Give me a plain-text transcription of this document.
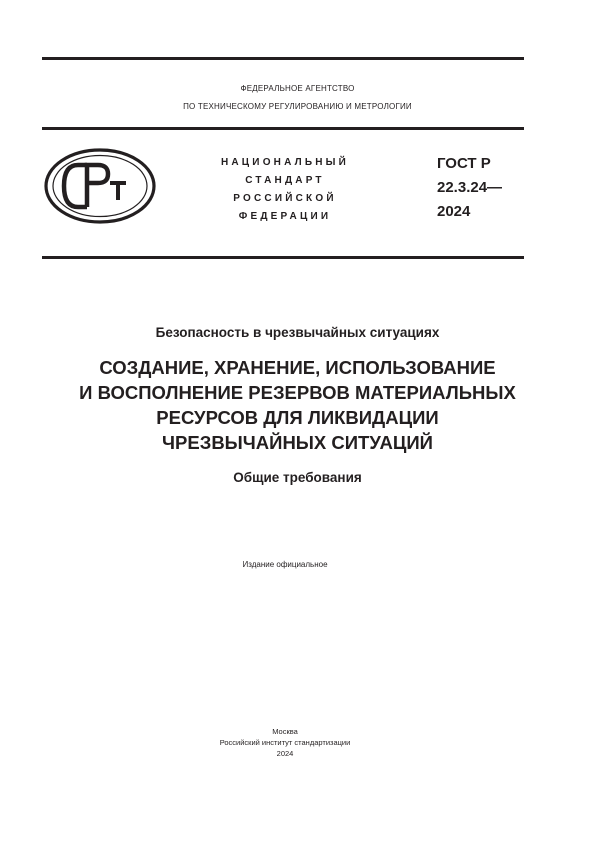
ФЕДЕРАЛЬНОЕ АГЕНТСТВО
ПО ТЕХНИЧЕСКОМУ РЕГУЛИРОВАНИЮ И МЕТРОЛОГИИ
НАЦИОНАЛЬНЫЙ
СТАНДАРТ
РОССИЙСКОЙ
ФЕДЕРАЦИИ
ГОСТ Р
22.3.24—
2024
Безопасность в чрезвычайных ситуациях
СОЗДАНИЕ, ХРАНЕНИЕ, ИСПОЛЬЗОВАНИЕ
И ВОСПОЛНЕНИЕ РЕЗЕРВОВ МАТЕРИАЛЬНЫХ
РЕСУРСОВ ДЛЯ ЛИКВИДАЦИИ
ЧРЕЗВЫЧАЙНЫХ СИТУАЦИЙ
Общие требования
Издание официальное
Москва
Российский институт стандартизации
2024
